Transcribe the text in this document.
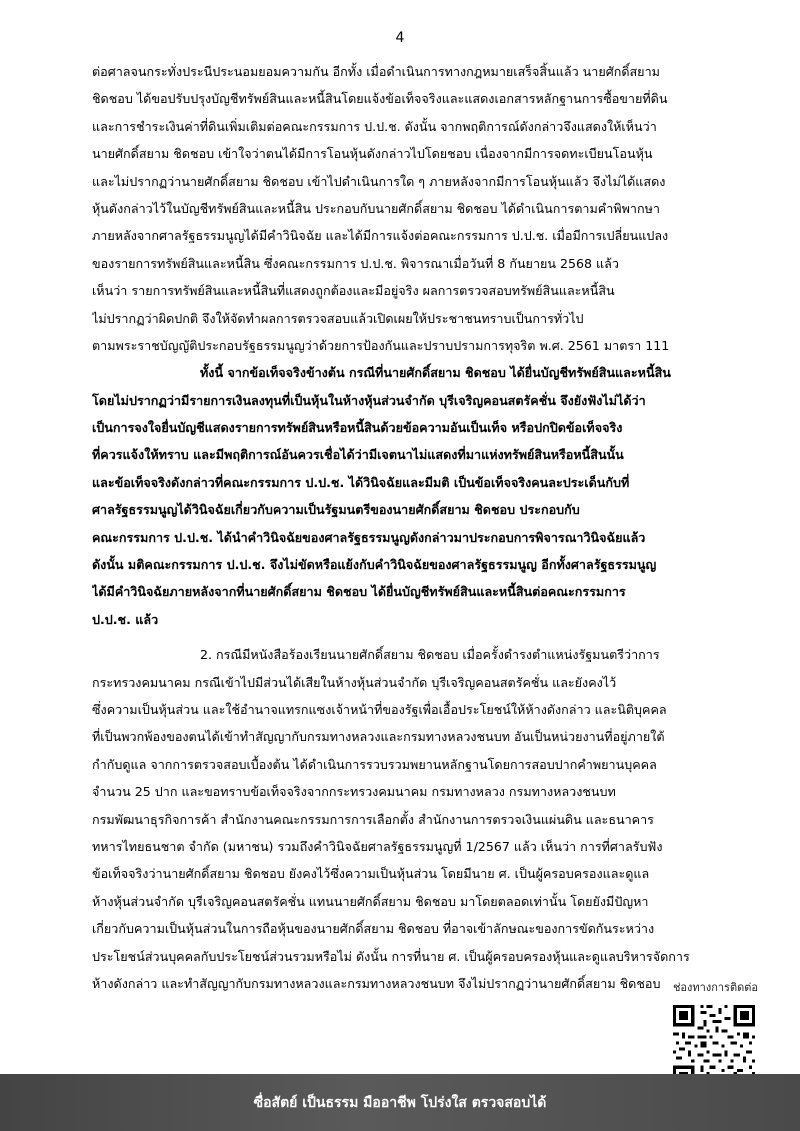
4
ต่อศาลจนกระทั่งประนีประนอมยอมความกัน อีกทั้ง เมื่อดำเนินการทางกฎหมายเสร็จสิ้นแล้ว นายศักดิ์สยาม
ชิดชอบ ได้ขอปรับปรุงบัญชีทรัพย์สินและหนี้สินโดยแจ้งข้อเท็จจริงและแสดงเอกสารหลักฐานการซื้อขายที่ดิน
และการชำระเงินค่าที่ดินเพิ่มเติมต่อคณะกรรมการ ป.ป.ช. ดังนั้น จากพฤติการณ์ดังกล่าวจึงแสดงให้เห็นว่า
นายศักดิ์สยาม ชิดชอบ เข้าใจว่าตนได้มีการโอนหุ้นดังกล่าวไปโดยชอบ เนื่องจากมีการจดทะเบียนโอนหุ้น
และไม่ปรากฏว่านายศักดิ์สยาม ชิดชอบ เข้าไปดำเนินการใด ๆ ภายหลังจากมีการโอนหุ้นแล้ว จึงไม่ได้แสดง
หุ้นดังกล่าวไว้ในบัญชีทรัพย์สินและหนี้สิน ประกอบกับนายศักดิ์สยาม ชิดชอบ ได้ดำเนินการตามคำพิพากษา
ภายหลังจากศาลรัฐธรรมนูญได้มีคำวินิจฉัย และได้มีการแจ้งต่อคณะกรรมการ ป.ป.ช. เมื่อมีการเปลี่ยนแปลง
ของรายการทรัพย์สินและหนี้สิน ซึ่งคณะกรรมการ ป.ป.ช. พิจารณาเมื่อวันที่ 8 กันยายน 2568 แล้ว
เห็นว่า รายการทรัพย์สินและหนี้สินที่แสดงถูกต้องและมีอยู่จริง ผลการตรวจสอบทรัพย์สินและหนี้สิน
ไม่ปรากฏว่าผิดปกติ จึงให้จัดทำผลการตรวจสอบแล้วเปิดเผยให้ประชาชนทราบเป็นการทั่วไป
ตามพระราชบัญญัติประกอบรัฐธรรมนูญว่าด้วยการป้องกันและปราบปรามการทุจริต พ.ศ. 2561 มาตรา 111
ทั้งนี้ จากข้อเท็จจริงข้างต้น กรณีที่นายศักดิ์สยาม ชิดชอบ ได้ยื่นบัญชีทรัพย์สินและหนี้สิน
โดยไม่ปรากฏว่ามีรายการเงินลงทุนที่เป็นหุ้นในห้างหุ้นส่วนจำกัด บุรีเจริญคอนสตรัคชั่น จึงยังฟังไม่ได้ว่า
เป็นการจงใจยื่นบัญชีแสดงรายการทรัพย์สินหรือหนี้สินด้วยข้อความอันเป็นเท็จ หรือปกปิดข้อเท็จจริง
ที่ควรแจ้งให้ทราบ และมีพฤติการณ์อันควรเชื่อได้ว่ามีเจตนาไม่แสดงที่มาแห่งทรัพย์สินหรือหนี้สินนั้น
และข้อเท็จจริงดังกล่าวที่คณะกรรมการ ป.ป.ช. ได้วินิจฉัยและมีมติ เป็นข้อเท็จจริงคนละประเด็นกับที่
ศาลรัฐธรรมนูญได้วินิจฉัยเกี่ยวกับความเป็นรัฐมนตรีของนายศักดิ์สยาม ชิดชอบ ประกอบกับ
คณะกรรมการ ป.ป.ช. ได้นำคำวินิจฉัยของศาลรัฐธรรมนูญดังกล่าวมาประกอบการพิจารณาวินิจฉัยแล้ว
ดังนั้น มติคณะกรรมการ ป.ป.ช. จึงไม่ขัดหรือแย้งกับคำวินิจฉัยของศาลรัฐธรรมนูญ อีกทั้งศาลรัฐธรรมนูญ
ได้มีคำวินิจฉัยภายหลังจากที่นายศักดิ์สยาม ชิดชอบ ได้ยื่นบัญชีทรัพย์สินและหนี้สินต่อคณะกรรมการ
ป.ป.ช. แล้ว
2. กรณีมีหนังสือร้องเรียนนายศักดิ์สยาม ชิดชอบ เมื่อครั้งดำรงตำแหน่งรัฐมนตรีว่าการ
กระทรวงคมนาคม กรณีเข้าไปมีส่วนได้เสียในห้างหุ้นส่วนจำกัด บุรีเจริญคอนสตรัคชั่น และยังคงไว้
ซึ่งความเป็นหุ้นส่วน และใช้อำนาจแทรกแซงเจ้าหน้าที่ของรัฐเพื่อเอื้อประโยชน์ให้ห้างดังกล่าว และนิติบุคคล
ที่เป็นพวกพ้องของตนได้เข้าทำสัญญากับกรมทางหลวงและกรมทางหลวงชนบท อันเป็นหน่วยงานที่อยู่ภายใต้
กำกับดูแล จากการตรวจสอบเบื้องต้น ได้ดำเนินการรวบรวมพยานหลักฐานโดยการสอบปากคำพยานบุคคล
จำนวน 25 ปาก และขอทราบข้อเท็จจริงจากกระทรวงคมนาคม กรมทางหลวง กรมทางหลวงชนบท
กรมพัฒนาธุรกิจการค้า สำนักงานคณะกรรมการการเลือกตั้ง สำนักงานการตรวจเงินแผ่นดิน และธนาคาร
ทหารไทยธนชาต จำกัด (มหาชน) รวมถึงคำวินิจฉัยศาลรัฐธรรมนูญที่ 1/2567 แล้ว เห็นว่า การที่ศาลรับฟัง
ข้อเท็จจริงว่านายศักดิ์สยาม ชิดชอบ ยังคงไว้ซึ่งความเป็นหุ้นส่วน โดยมีนาย ศ. เป็นผู้ครอบครองและดูแล
ห้างหุ้นส่วนจำกัด บุรีเจริญคอนสตรัคชั่น แทนนายศักดิ์สยาม ชิดชอบ มาโดยตลอดเท่านั้น โดยยังมีปัญหา
เกี่ยวกับความเป็นหุ้นส่วนในการถือหุ้นของนายศักดิ์สยาม ชิดชอบ ที่อาจเข้าลักษณะของการขัดกันระหว่าง
ประโยชน์ส่วนบุคคลกับประโยชน์ส่วนรวมหรือไม่ ดังนั้น การที่นาย ศ. เป็นผู้ครอบครองหุ้นและดูแลบริหารจัดการ
ห้างดังกล่าว และทำสัญญากับกรมทางหลวงและกรมทางหลวงชนบท จึงไม่ปรากฏว่านายศักดิ์สยาม ชิดชอบ	ช่องทางการติดต่อ
ซื่อสัตย์ เป็นธรรม มืออาชีพ โปร่งใส ตรวจสอบได้
